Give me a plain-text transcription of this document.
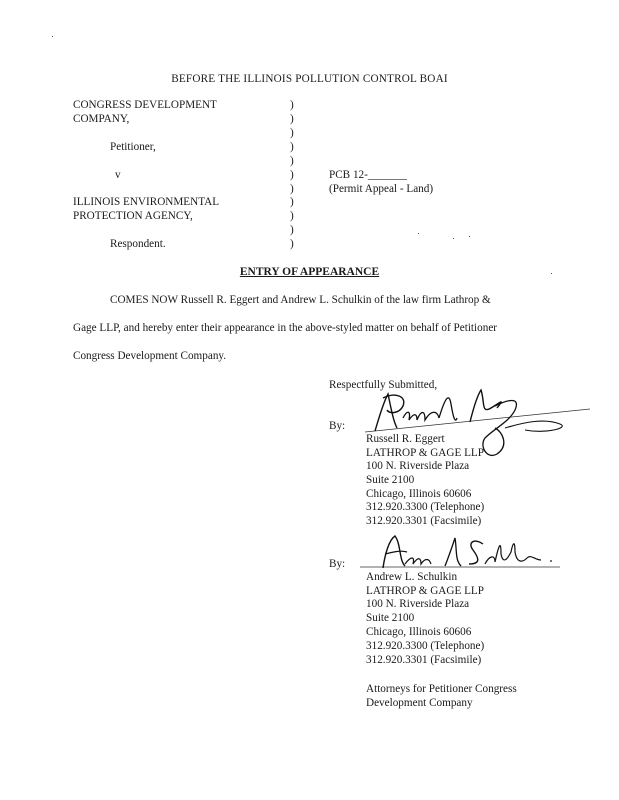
BEFORE THE ILLINOIS POLLUTION CONTROL BOAI
CONGRESS DEVELOPMENT
COMPANY,
Petitioner,
v
ILLINOIS ENVIRONMENTAL
PROTECTION AGENCY,
Respondent.
)
)
)
)
)
)
)
)
)
)
)
PCB 12-_______
(Permit Appeal - Land)
ENTRY OF APPEARANCE
COMES NOW Russell R. Eggert and Andrew L. Schulkin of the law firm Lathrop &
Gage LLP, and hereby enter their appearance in the above-styled matter on behalf of Petitioner
Congress Development Company.
Respectfully Submitted,
By:
Russell R. Eggert
LATHROP & GAGE LLP
100 N. Riverside Plaza
Suite 2100
Chicago, Illinois 60606
312.920.3300 (Telephone)
312.920.3301 (Facsimile)
By:
Andrew L. Schulkin
LATHROP & GAGE LLP
100 N. Riverside Plaza
Suite 2100
Chicago, Illinois 60606
312.920.3300 (Telephone)
312.920.3301 (Facsimile)
Attorneys for Petitioner Congress
Development Company
